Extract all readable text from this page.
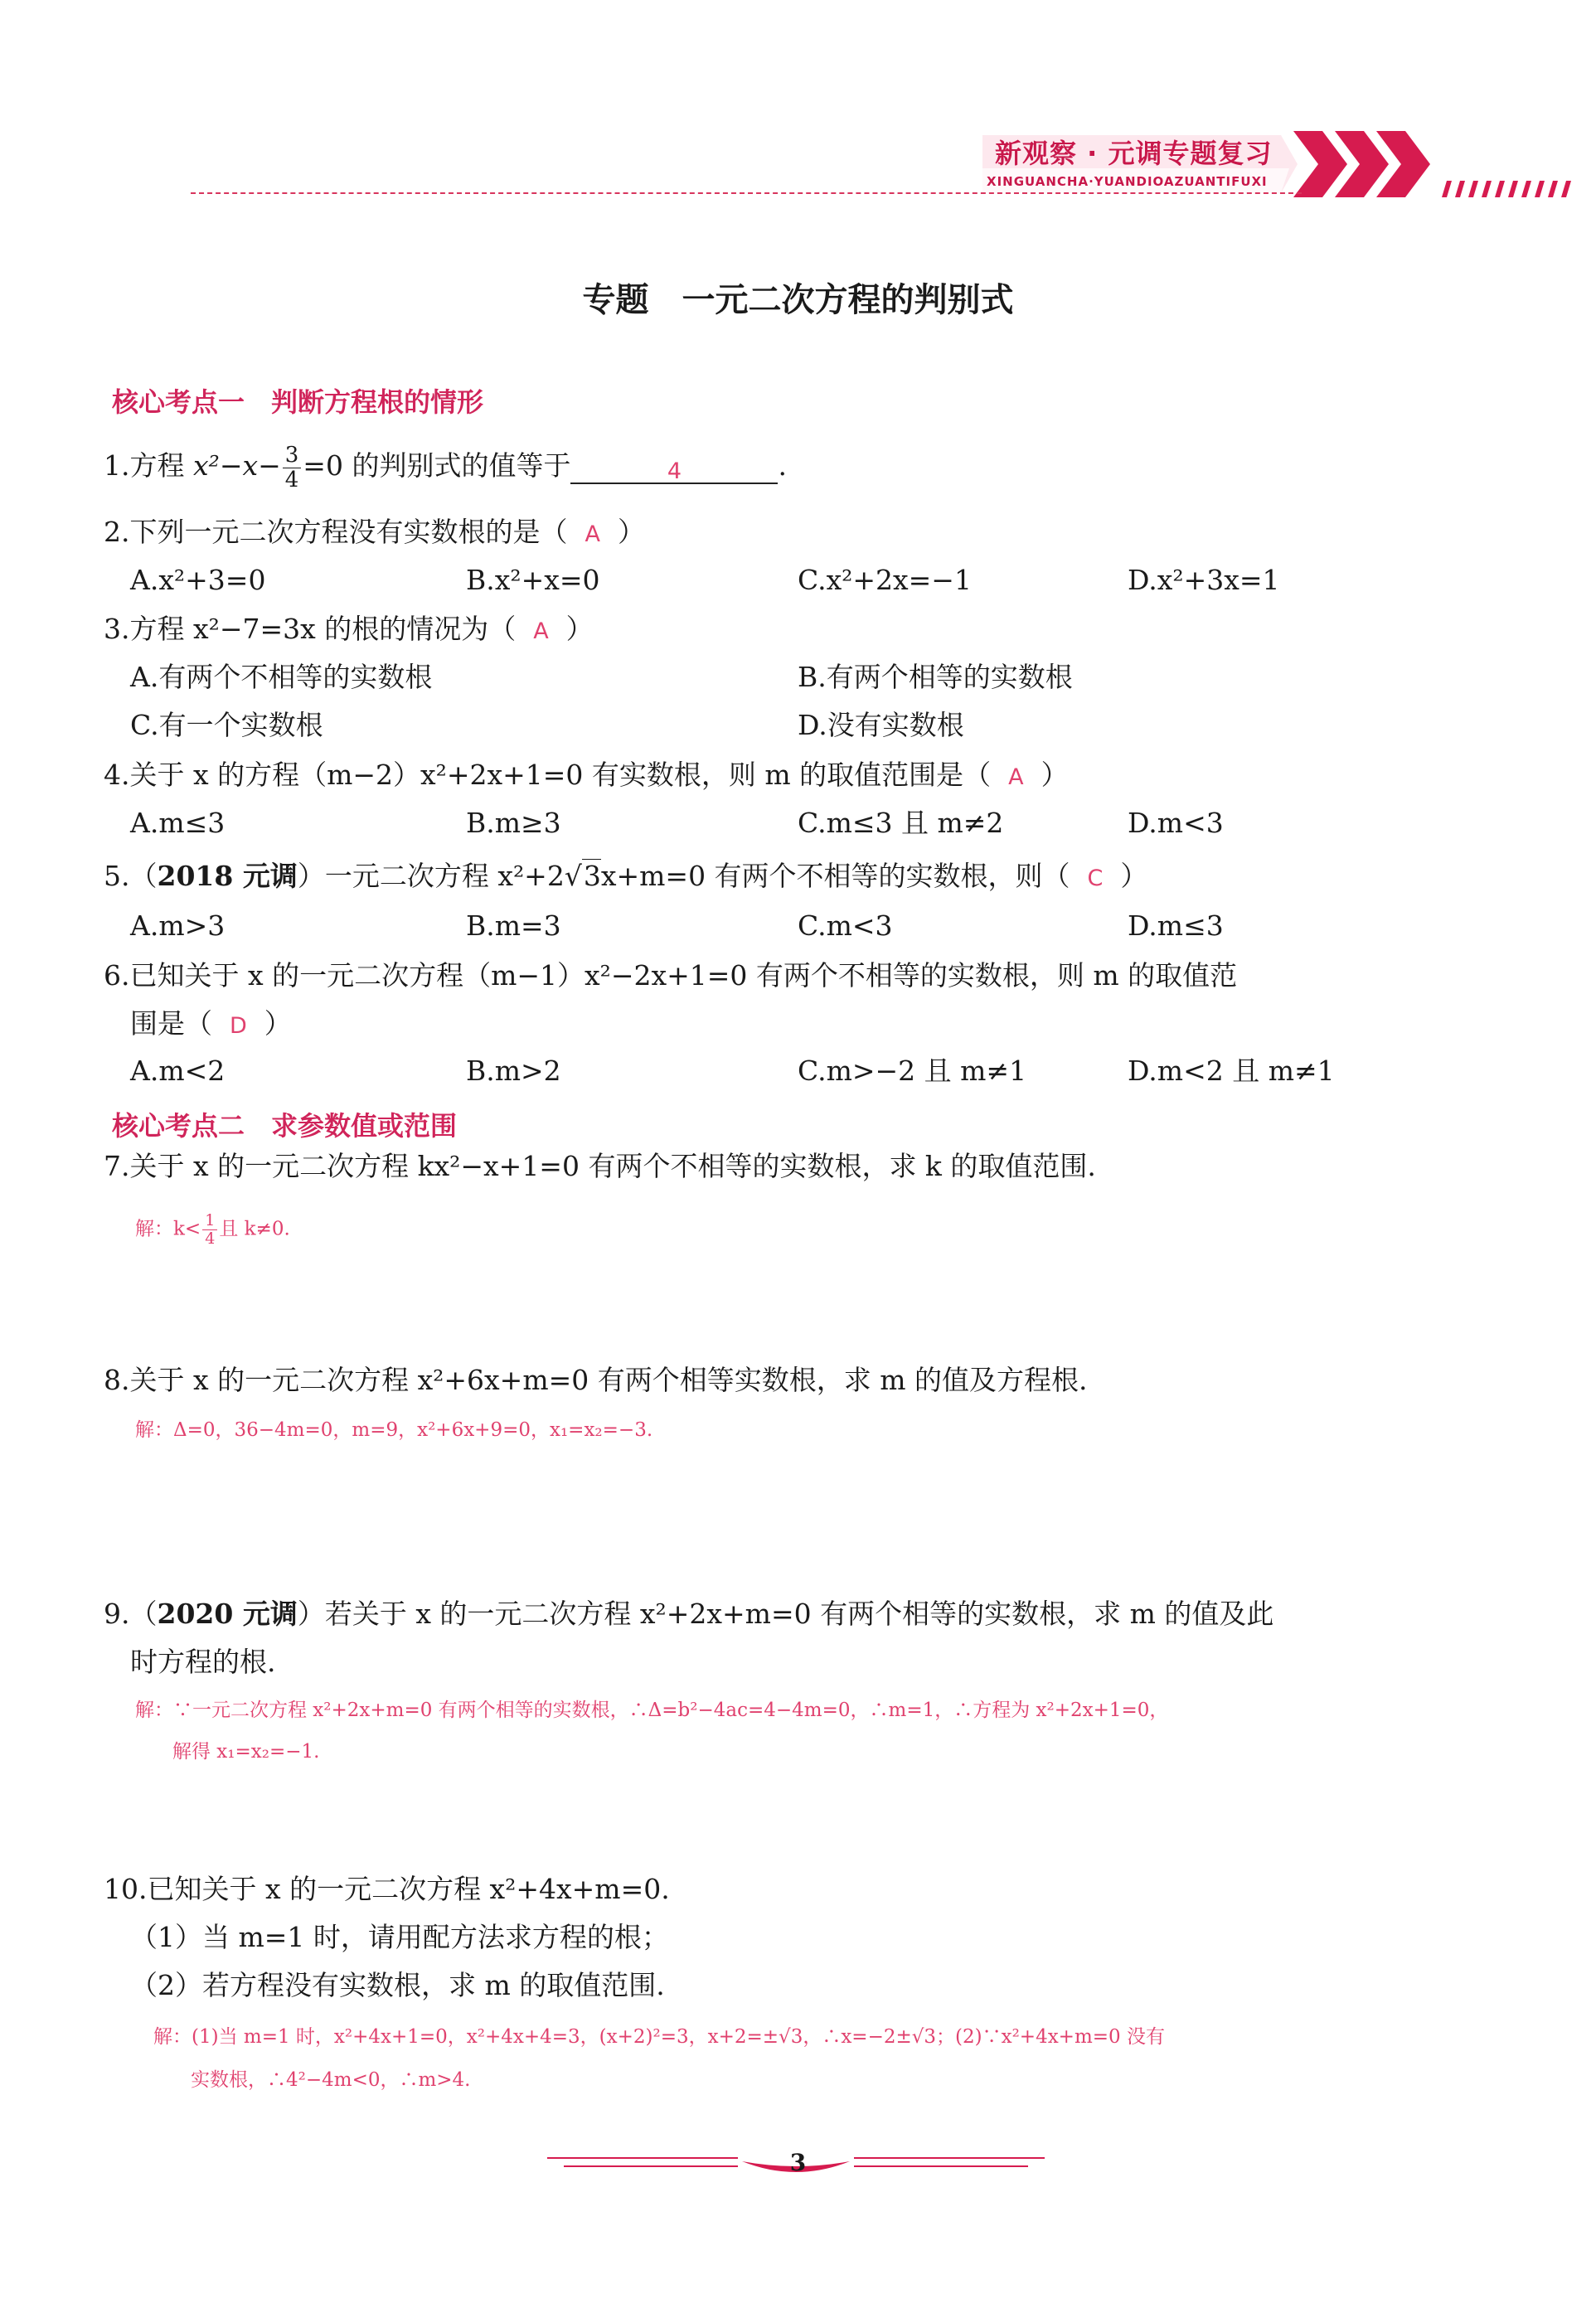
新观察 · 元调专题复习
XINGUANCHA·YUANDIOAZUANTIFUXI
专题　一元二次方程的判别式
核心考点一　判断方程根的情形
1.方程 $x^2-x- \frac{3}{4} =0$ 的判别式的值等于	4	.
2.下列一元二次方程没有实数根的是（ A  ）
A.x²+3=0	B.x²+x=0	C.x²+2x=−1	D.x²+3x=1
3.方程 x²−7=3x 的根的情况为（ A  ）
A.有两个不相等的实数根	B.有两个相等的实数根
C.有一个实数根	D.没有实数根
4.关于 x 的方程（m−2）x²+2x+1=0 有实数根，则 m 的取值范围是（ A  ）
A.m≤3	B.m≥3	C.m≤3 且 m≠2	D.m<3
5.（2018 元调）一元二次方程 x²+2√3x+m=0 有两个不相等的实数根，则（ C  ）
A.m>3	B.m=3	C.m<3	D.m≤3
6.已知关于 x 的一元二次方程（m−1）x²−2x+1=0 有两个不相等的实数根，则 m 的取值范
围是（ D  ）
A.m<2	B.m>2	C.m>−2 且 m≠1	D.m<2 且 m≠1
核心考点二　求参数值或范围
7.关于 x 的一元二次方程 kx²−x+1=0 有两个不相等的实数根，求 k 的取值范围.
解：$k< \frac{1}{4}$ 且 k≠0.
8.关于 x 的一元二次方程 x²+6x+m=0 有两个相等实数根，求 m 的值及方程根.
解：Δ=0，36−4m=0，m=9，x²+6x+9=0，x₁=x₂=−3.
9.（2020 元调）若关于 x 的一元二次方程 x²+2x+m=0 有两个相等的实数根，求 m 的值及此
时方程的根.
解：∵一元二次方程 x²+2x+m=0 有两个相等的实数根，∴Δ=b²−4ac=4−4m=0，∴m=1，∴方程为 x²+2x+1=0，
解得 x₁=x₂=−1.
10.已知关于 x 的一元二次方程 x²+4x+m=0.
（1）当 m=1 时，请用配方法求方程的根；
（2）若方程没有实数根，求 m 的取值范围.
解：(1)当 m=1 时，x²+4x+1=0，x²+4x+4=3，(x+2)²=3，x+2=±√3，∴x=−2±√3；(2)∵x²+4x+m=0 没有
实数根，∴4²−4m<0，∴m>4.
3
